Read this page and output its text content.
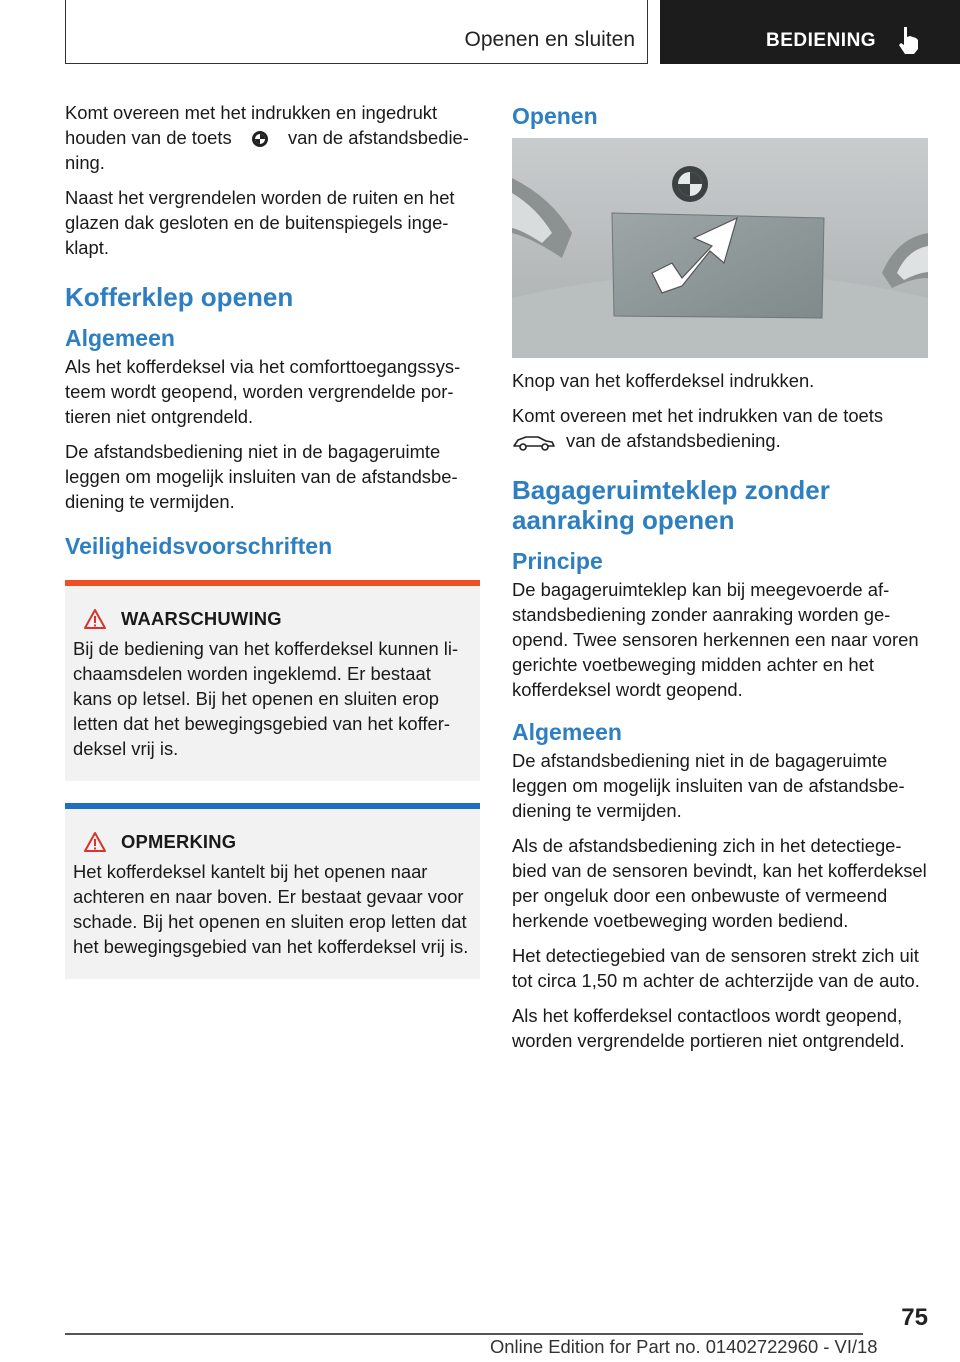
Openen en sluiten	BEDIENING

Komt overeen met het indrukken en ingedrukt houden van de toets	van de afstandsbediening.

Naast het vergrendelen worden de ruiten en het glazen dak gesloten en de buitenspiegels ingeklapt.

Kofferklep openen
Algemeen

Als het kofferdeksel via het comforttoegangssysteem wordt geopend, worden vergrendelde portieren niet ontgrendeld.

De afstandsbediening niet in de bagageruimte leggen om mogelijk insluiten van de afstandsbediening te vermijden.

Veiligheidsvoorschriften
WAARSCHUWING

Bij de bediening van het kofferdeksel kunnen lichaamsdelen worden ingeklemd. Er bestaat kans op letsel. Bij het openen en sluiten erop letten dat het bewegingsgebied van het kofferdeksel vrij is.

OPMERKING

Het kofferdeksel kantelt bij het openen naar achteren en naar boven. Er bestaat gevaar voor schade. Bij het openen en sluiten erop letten dat het bewegingsgebied van het kofferdeksel vrij is.

Openen

Knop van het kofferdeksel indrukken.

Komt overeen met het indrukken van de toets
van de afstandsbediening.

Bagageruimteklep zonder aanraking openen
Principe

De bagageruimteklep kan bij meegevoerde afstandsbediening zonder aanraking worden geopend. Twee sensoren herkennen een naar voren gerichte voetbeweging midden achter en het kofferdeksel wordt geopend.

Algemeen

De afstandsbediening niet in de bagageruimte leggen om mogelijk insluiten van de afstandsbediening te vermijden.

Als de afstandsbediening zich in het detectiegebied van de sensoren bevindt, kan het kofferdeksel per ongeluk door een onbewuste of vermeend herkende voetbeweging worden bediend.

Het detectiegebied van de sensoren strekt zich uit tot circa 1,50 m achter de achterzijde van de auto.

Als het kofferdeksel contactloos wordt geopend, worden vergrendelde portieren niet ontgrendeld.

75
Online Edition for Part no. 01402722960 - VI/18
